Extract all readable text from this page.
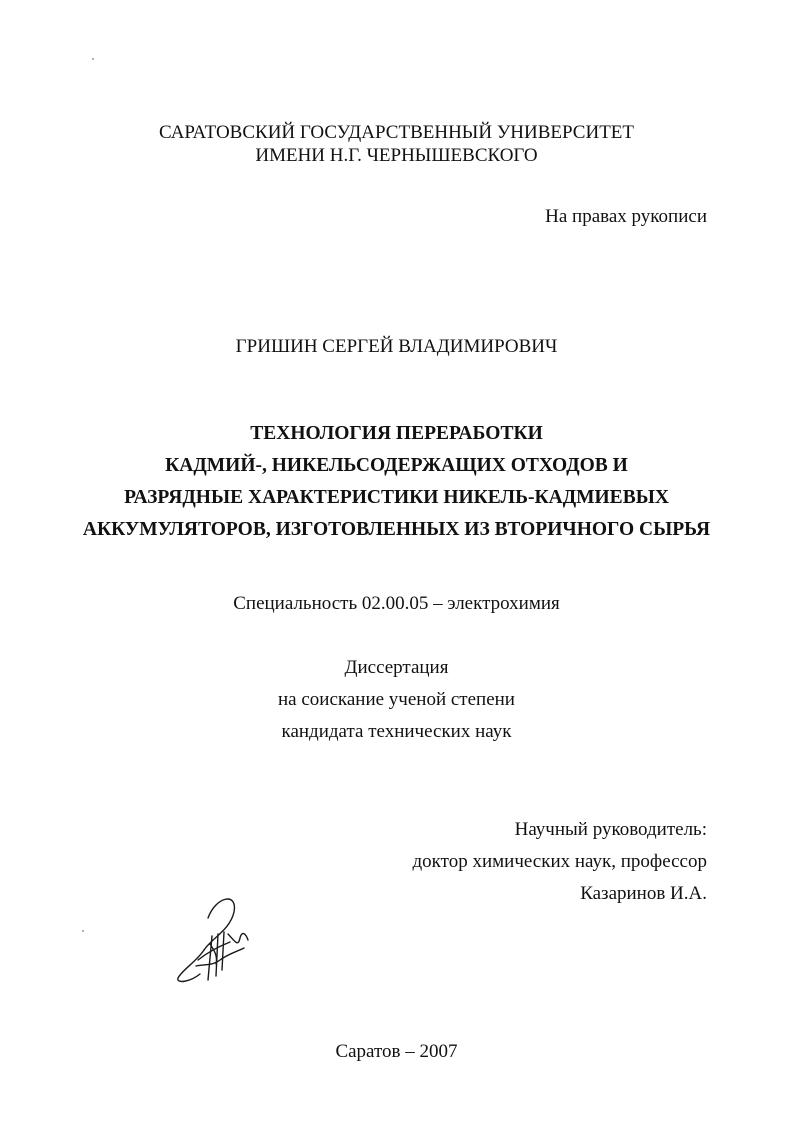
САРАТОВСКИЙ ГОСУДАРСТВЕННЫЙ УНИВЕРСИТЕТ
ИМЕНИ Н.Г. ЧЕРНЫШЕВСКОГО
На правах рукописи
ГРИШИН СЕРГЕЙ ВЛАДИМИРОВИЧ
ТЕХНОЛОГИЯ ПЕРЕРАБОТКИ
КАДМИЙ-, НИКЕЛЬСОДЕРЖАЩИХ ОТХОДОВ И
РАЗРЯДНЫЕ ХАРАКТЕРИСТИКИ НИКЕЛЬ-КАДМИЕВЫХ
АККУМУЛЯТОРОВ, ИЗГОТОВЛЕННЫХ ИЗ ВТОРИЧНОГО СЫРЬЯ
Специальность 02.00.05 – электрохимия
Диссертация
на соискание ученой степени
кандидата технических наук
Научный руководитель:
доктор химических наук, профессор
Казаринов И.А.
Саратов – 2007
